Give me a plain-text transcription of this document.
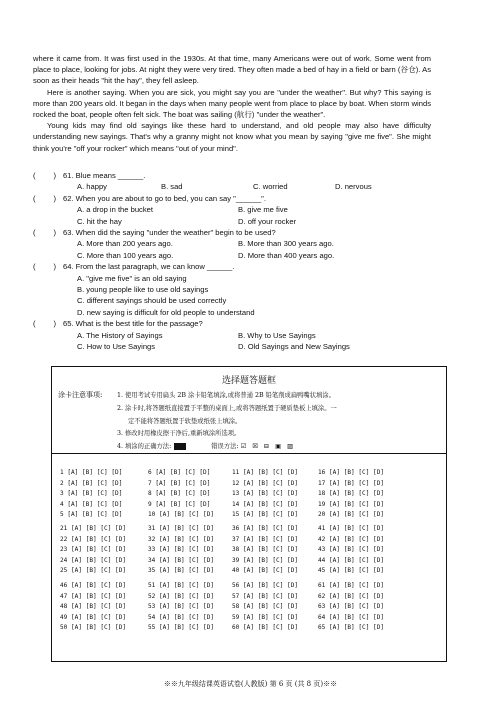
where it came from. It was first used in the 1930s. At that time, many Americans were out of work. Some went from place to place, looking for jobs. At night they were very tired. They often made a bed of hay in a field or barn (谷仓). As soon as their heads "hit the hay", they fell asleep.

Here is another saying. When you are sick, you might say you are "under the weather". But why? This saying is more than 200 years old. It began in the days when many people went from place to place by boat. When storm winds rocked the boat, people often felt sick. The boat was sailing (航行) "under the weather".

Young kids may find old sayings like these hard to understand, and old people may also have difficulty understanding new sayings. That's why a granny might not know what you mean by saying "give me five". She might think you're "off your rocker" which means "out of your mind".

( ) 61. Blue means ______.
A. happy	B. sad	C. worried	D. nervous
( ) 62. When you are about to go to bed, you can say "______".
A. a drop in the bucket	B. give me five
C. hit the hay	D. off your rocker
( ) 63. When did the saying "under the weather" begin to be used?
A. More than 200 years ago.	B. More than 300 years ago.
C. More than 100 years ago.	D. More than 400 years ago.
( ) 64. From the last paragraph, we can know ______.
A. "give me five" is an old saying
B. young people like to use old sayings
C. different sayings should be used correctly
D. new saying is difficult for old people to understand
( ) 65. What is the best title for the passage?
A. The History of Sayings	B. Why to Use Sayings
C. How to Use Sayings	D. Old Sayings and New Sayings
选择题答题框
涂卡注意事项: 1. 使用考试专用扁头 2B 涂卡铅笔填涂,或将普通 2B 铅笔削成扁鸭嘴状填涂。
2. 涂卡时,将答题纸直接置于平整的桌面上,或将答题纸置于硬质垫板上填涂。一
定不能将答题纸置于软垫或纸张上填涂。
3. 修改时用橡皮擦干净后,重新填涂所选项。
4. 填涂的正确方法:	错误方法: ☑ ☒ ⊟ ▣ ▨
1 [A] [B] [C] [D]
2 [A] [B] [C] [D]
3 [A] [B] [C] [D]
4 [A] [B] [C] [D]
5 [A] [B] [C] [D]
6 [A] [B] [C] [D]
7 [A] [B] [C] [D]
8 [A] [B] [C] [D]
9 [A] [B] [C] [D]
10 [A] [B] [C] [D]
11 [A] [B] [C] [D]
12 [A] [B] [C] [D]
13 [A] [B] [C] [D]
14 [A] [B] [C] [D]
15 [A] [B] [C] [D]
16 [A] [B] [C] [D]
17 [A] [B] [C] [D]
18 [A] [B] [C] [D]
19 [A] [B] [C] [D]
20 [A] [B] [C] [D]
21 [A] [B] [C] [D]
22 [A] [B] [C] [D]
23 [A] [B] [C] [D]
24 [A] [B] [C] [D]
25 [A] [B] [C] [D]
31 [A] [B] [C] [D]
32 [A] [B] [C] [D]
33 [A] [B] [C] [D]
34 [A] [B] [C] [D]
35 [A] [B] [C] [D]
36 [A] [B] [C] [D]
37 [A] [B] [C] [D]
38 [A] [B] [C] [D]
39 [A] [B] [C] [D]
40 [A] [B] [C] [D]
41 [A] [B] [C] [D]
42 [A] [B] [C] [D]
43 [A] [B] [C] [D]
44 [A] [B] [C] [D]
45 [A] [B] [C] [D]
46 [A] [B] [C] [D]
47 [A] [B] [C] [D]
48 [A] [B] [C] [D]
49 [A] [B] [C] [D]
50 [A] [B] [C] [D]
51 [A] [B] [C] [D]
52 [A] [B] [C] [D]
53 [A] [B] [C] [D]
54 [A] [B] [C] [D]
55 [A] [B] [C] [D]
56 [A] [B] [C] [D]
57 [A] [B] [C] [D]
58 [A] [B] [C] [D]
59 [A] [B] [C] [D]
60 [A] [B] [C] [D]
61 [A] [B] [C] [D]
62 [A] [B] [C] [D]
63 [A] [B] [C] [D]
64 [A] [B] [C] [D]
65 [A] [B] [C] [D]
※※九年级结课英语试卷(人教版) 第 6 页 (共 8 页)※※
